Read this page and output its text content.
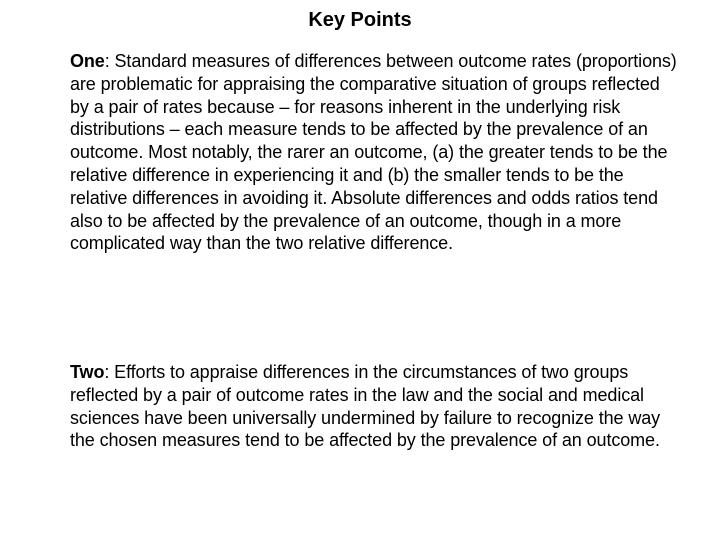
Key Points

One: Standard measures of differences between outcome rates (proportions) are problematic for appraising the comparative situation of groups reflected by a pair of rates because – for reasons inherent in the underlying risk distributions – each measure tends to be affected by the prevalence of an outcome. Most notably, the rarer an outcome, (a) the greater tends to be the relative difference in experiencing it and (b) the smaller tends to be the relative differences in avoiding it. Absolute differences and odds ratios tend also to be affected by the prevalence of an outcome, though in a more complicated way than the two relative difference.

Two: Efforts to appraise differences in the circumstances of two groups reflected by a pair of outcome rates in the law and the social and medical sciences have been universally undermined by failure to recognize the way the chosen measures tend to be affected by the prevalence of an outcome.
